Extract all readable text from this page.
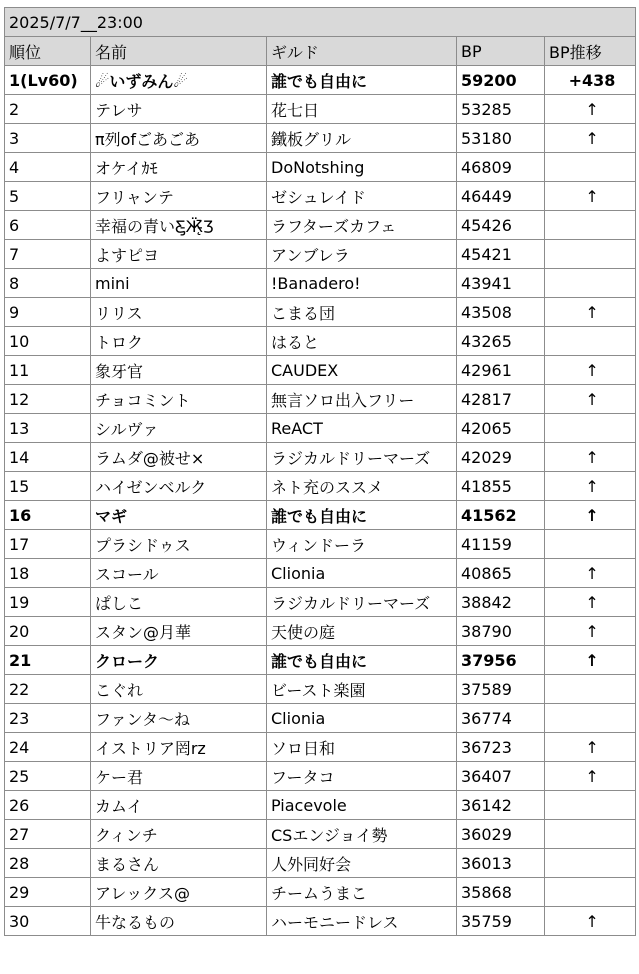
2025/7/7__23:00				
順位	名前	ギルド	BP	BP推移
1(Lv60)	☄いずみん☄	誰でも自由に	59200	+438
2	テレサ	花七日	53285	↑
3	π列ofごあごあ	鐵板グリル	53180	↑
4	オケイｶﾓ	DoNotshing	46809	
5	フリャンテ	ゼシュレイド	46449	↑
6	幸福の青いƸ̵̡Ӝ̵̨̄Ʒ	ラフターズカフェ	45426	
7	よすピヨ	アンブレラ	45421	
8	mini	!Banadero!	43941	
9	リリス	こまる団	43508	↑
10	トロク	はると	43265	
11	象牙官	CAUDEX	42961	↑
12	チョコミント	無言ソロ出入フリー	42817	↑
13	シルヴァ	ReACT	42065	
14	ラムダ@被せ×	ラジカルドリーマーズ	42029	↑
15	ハイゼンベルク	ネト充のススメ	41855	↑
16	マギ	誰でも自由に	41562	↑
17	プラシドゥス	ウィンドーラ	41159	
18	スコール	Clionia	40865	↑
19	ぱしこ	ラジカルドリーマーズ	38842	↑
20	スタン@月華	天使の庭	38790	↑
21	クローク	誰でも自由に	37956	↑
22	こぐれ	ビースト楽園	37589	
23	ファンタ〜ね	Clionia	36774	
24	イストリア罔rz	ソロ日和	36723	↑
25	ケー君	フータコ	36407	↑
26	カムイ	Piacevole	36142	
27	クィンチ	CSエンジョイ勢	36029	
28	まるさん	人外同好会	36013	
29	アレックス@	チームうまこ	35868	
30	牛なるもの	ハーモニードレス	35759	↑
